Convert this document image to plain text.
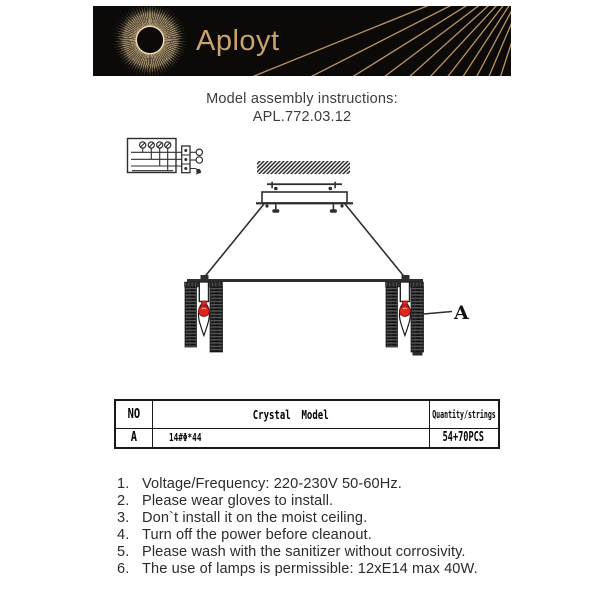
Aployt
Model assembly instructions:
APL.772.03.12
A
NO	Crystal  Model	Quantity/strings

A	14#Φ*44	54+70PCS
1. Voltage/Frequency: 220-230V 50-60Hz.
2. Please wear gloves to install.
3. Don`t install it on the moist ceiling.
4. Turn off the power before cleanout.
5. Please wash with the sanitizer without corrosivity.
6. The use of lamps is permissible: 12xE14 max 40W.
